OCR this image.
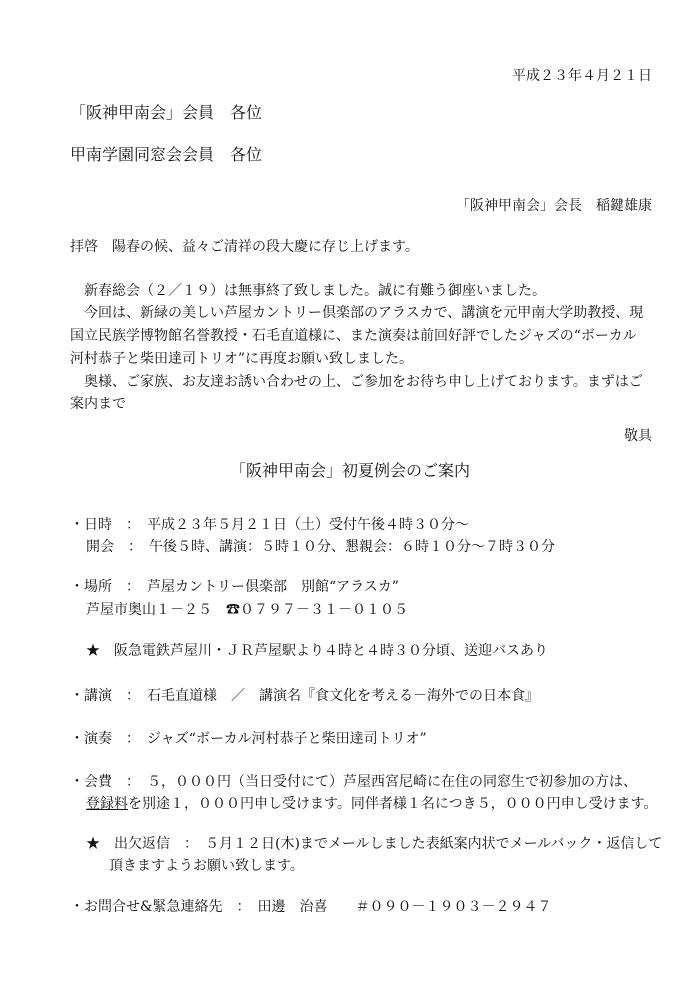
平成２３年４月２１日
「阪神甲南会」会員　各位
甲南学園同窓会会員　各位
「阪神甲南会」会長　稲鍵雄康
拝啓　陽春の候、益々ご清祥の段大慶に存じ上げます。
新春総会（２／１９）は無事終了致しました。誠に有難う御座いました。
今回は、新緑の美しい芦屋カントリー倶楽部のアラスカで、講演を元甲南大学助教授、現
国立民族学博物館名誉教授・石毛直道様に、また演奏は前回好評でしたジャズの“ボーカル
河村恭子と柴田達司トリオ”に再度お願い致しました。
奥様、ご家族、お友達お誘い合わせの上、ご参加をお待ち申し上げております。まずはご
案内まで
敬具
「阪神甲南会」初夏例会のご案内
・日時　：　平成２３年５月２１日（土）受付午後４時３０分～
開会　：　午後５時、講演：５時１０分、懇親会：６時１０分～７時３０分
・場所　：　芦屋カントリー倶楽部　別館“アラスカ”
芦屋市奥山１－２５　☎０７９７－３１－０１０５
★　阪急電鉄芦屋川・ＪＲ芦屋駅より４時と４時３０分頃、送迎バスあり
・講演　：　石毛直道様　／　講演名『食文化を考える－海外での日本食』
・演奏　：　ジャズ“ボーカル河村恭子と柴田達司トリオ”
・会費　：　５，０００円（当日受付にて）芦屋西宮尼崎に在住の同窓生で初参加の方は、
登録料を別途１，０００円申し受けます。同伴者様１名につき５，０００円申し受けます。
★　出欠返信　：　５月１２日(木)までメールしました表紙案内状でメールバック・返信して
頂きますようお願い致します。
・お問合せ&緊急連絡先　：　田邊　治喜　　＃０９０－１９０３－２９４７
